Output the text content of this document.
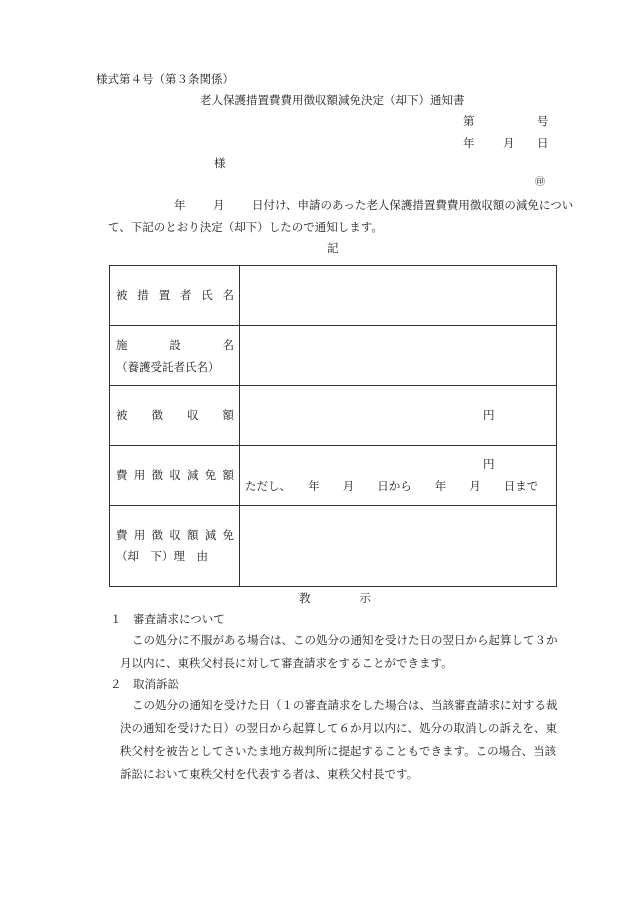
様式第４号（第３条関係）
老人保護措置費費用徴収額減免決定（却下）通知書
第	号
年 月 日
様
㊞
年 月 日付け、申請のあった老人保護措置費費用徴収額の減免につい
て、下記のとおり決定（却下）したので通知します。
記
被 措 置 者 氏 名
施 設 名
（養護受託者氏名）
被 徴 収 額	円
費 用 徴 収 減 免 額
円
ただし、　　年　　月　　日から　　年　　月　　日まで
費 用 徴 収 額 減 免
（却　下）理　由
教 示
１　審査請求について
この処分に不服がある場合は、この処分の通知を受けた日の翌日から起算して３か
月以内に、東秩父村長に対して審査請求をすることができます。
２　取消訴訟
この処分の通知を受けた日（１の審査請求をした場合は、当該審査請求に対する裁
決の通知を受けた日）の翌日から起算して６か月以内に、処分の取消しの訴えを、東
秩父村を被告としてさいたま地方裁判所に提起することもできます。この場合、当該
訴訟において東秩父村を代表する者は、東秩父村長です。
